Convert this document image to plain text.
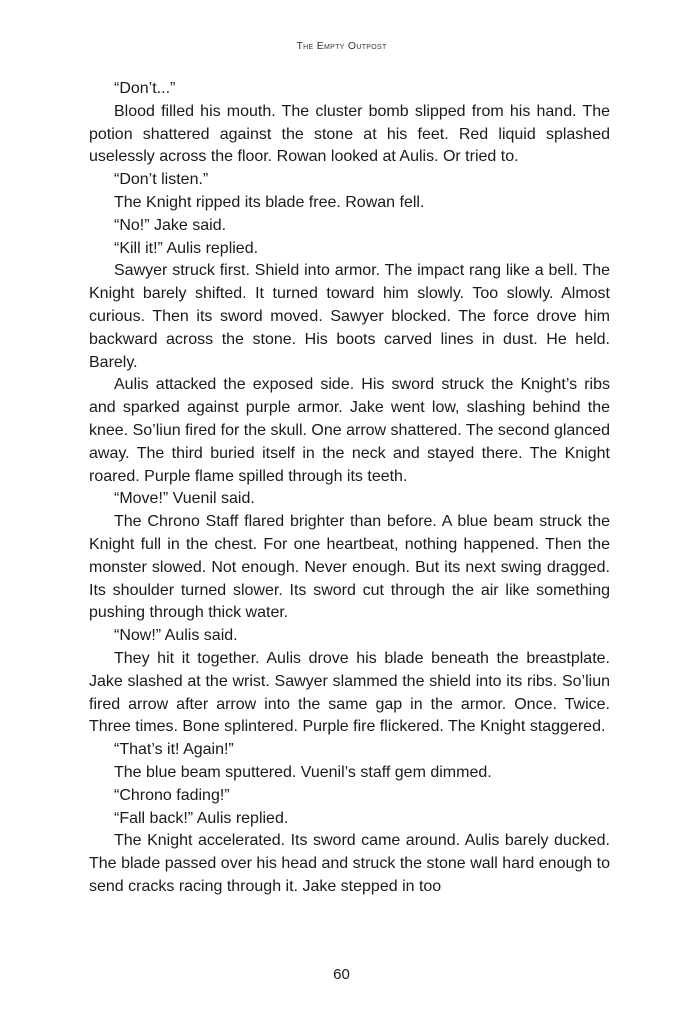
The Empty Outpost

“Don’t...”

Blood filled his mouth. The cluster bomb slipped from his hand. The potion shattered against the stone at his feet. Red liquid splashed uselessly across the floor. Rowan looked at Aulis. Or tried to.

“Don’t listen.”

The Knight ripped its blade free. Rowan fell.

“No!” Jake said.

“Kill it!” Aulis replied.

Sawyer struck first. Shield into armor. The impact rang like a bell. The Knight barely shifted. It turned toward him slowly. Too slowly. Almost curious. Then its sword moved. Sawyer blocked. The force drove him backward across the stone. His boots carved lines in dust. He held. Barely.

Aulis attacked the exposed side. His sword struck the Knight’s ribs and sparked against purple armor. Jake went low, slashing behind the knee. So’liun fired for the skull. One arrow shattered. The second glanced away. The third buried itself in the neck and stayed there. The Knight roared. Purple flame spilled through its teeth.

“Move!” Vuenil said.

The Chrono Staff flared brighter than before. A blue beam struck the Knight full in the chest. For one heartbeat, nothing happened. Then the monster slowed. Not enough. Never enough. But its next swing dragged. Its shoulder turned slower. Its sword cut through the air like something pushing through thick water.

“Now!” Aulis said.

They hit it together. Aulis drove his blade beneath the breastplate. Jake slashed at the wrist. Sawyer slammed the shield into its ribs. So’liun fired arrow after arrow into the same gap in the armor. Once. Twice. Three times. Bone splintered. Purple fire flickered. The Knight staggered.

“That’s it! Again!”

The blue beam sputtered. Vuenil’s staff gem dimmed.

“Chrono fading!”

“Fall back!” Aulis replied.

The Knight accelerated. Its sword came around. Aulis barely ducked. The blade passed over his head and struck the stone wall hard enough to send cracks racing through it. Jake stepped in too

60
